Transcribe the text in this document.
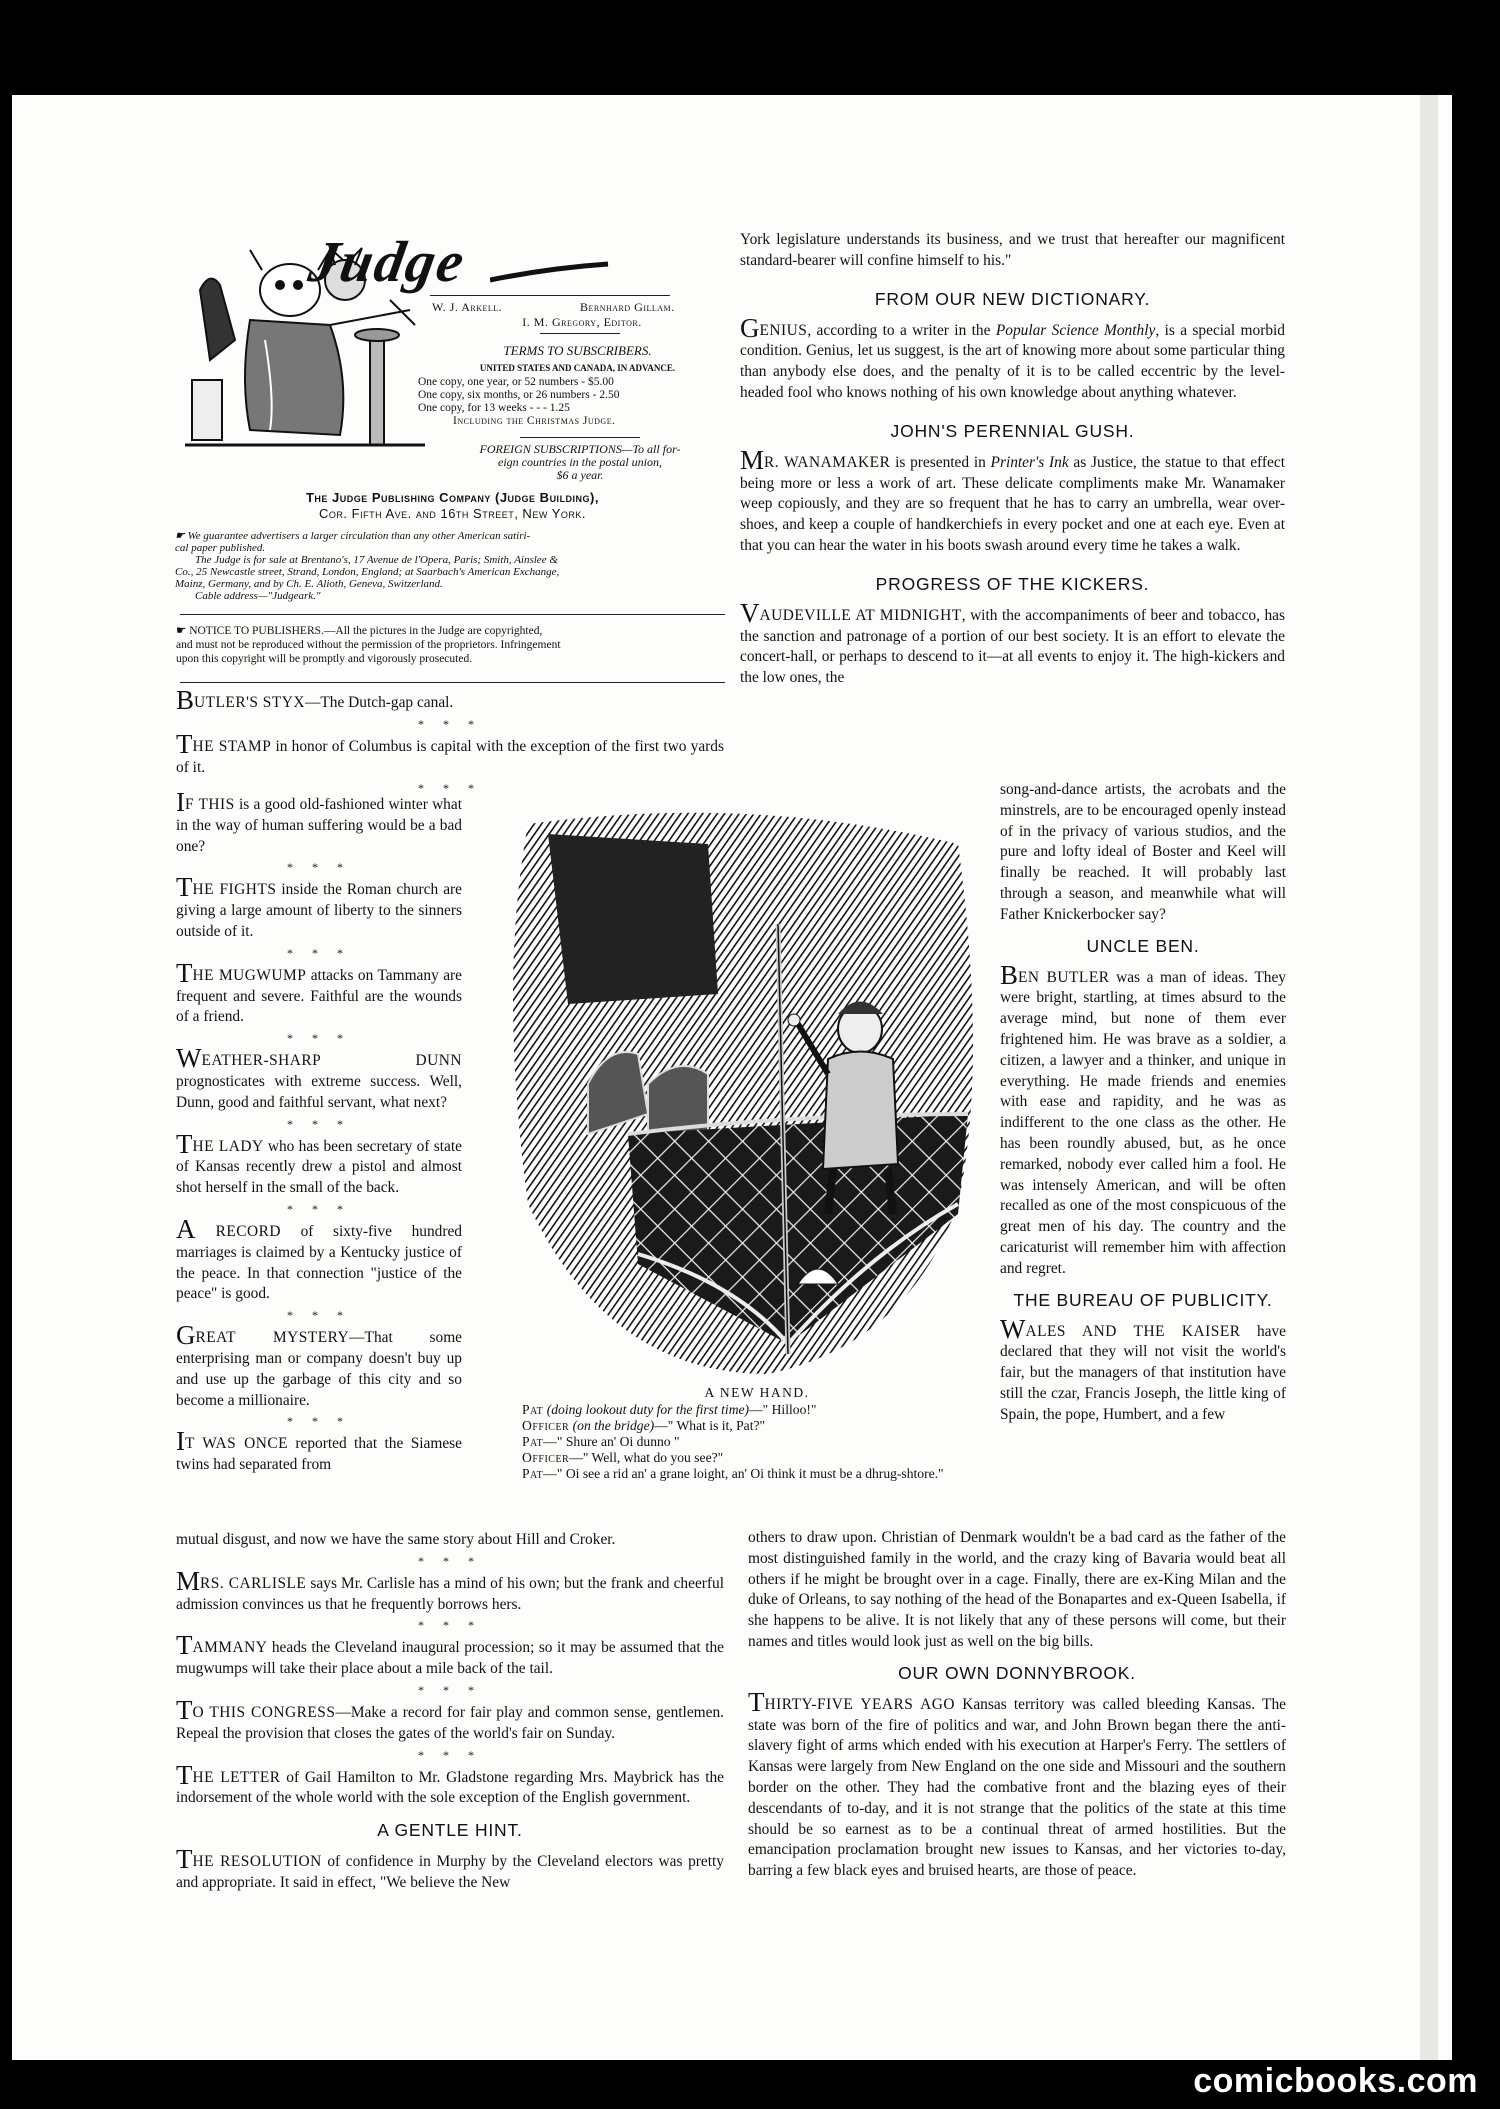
Judge
W. J. Arkell.	Bernhard Gillam.
I. M. Gregory, Editor.
TERMS TO SUBSCRIBERS.
UNITED STATES AND CANADA, IN ADVANCE.
One copy, one year, or 52 numbers - $5.00
One copy, six months, or 26 numbers - 2.50
One copy, for 13 weeks - - - 1.25
Including the Christmas Judge.
FOREIGN SUBSCRIPTIONS—To all for-
eign countries in the postal union,
$6 a year.
The Judge Publishing Company (Judge Building),
Cor. Fifth Ave. and 16th Street, New York.
☛ We guarantee advertisers a larger circulation than any other American satiri-
cal paper published.
The Judge is for sale at Brentano's, 17 Avenue de l'Opera, Paris; Smith, Ainslee &
Co., 25 Newcastle street, Strand, London, England; at Saarbach's American Exchange,
Mainz, Germany, and by Ch. E. Alioth, Geneva, Switzerland.
Cable address—"Judgeark."
☛ NOTICE TO PUBLISHERS.—All the pictures in the Judge are copyrighted,
and must not be reproduced without the permission of the proprietors. Infringement
upon this copyright will be promptly and vigorously prosecuted.

BUTLER'S STYX—The Dutch-gap canal.

* * *

THE STAMP in honor of Columbus is capital with the exception of the first two yards of it.

* * *

IF THIS is a good old-fashioned winter what in the way of human suffering would be a bad one?

* * *

THE FIGHTS inside the Roman church are giving a large amount of liberty to the sinners outside of it.

* * *

THE MUGWUMP attacks on Tammany are frequent and severe. Faithful are the wounds of a friend.

* * *

WEATHER-SHARP DUNN prognosticates with extreme success. Well, Dunn, good and faithful servant, what next?

* * *

THE LADY who has been secretary of state of Kansas recently drew a pistol and almost shot herself in the small of the back.

* * *

A RECORD of sixty-five hundred marriages is claimed by a Kentucky justice of the peace. In that connection "justice of the peace" is good.

* * *

GREAT MYSTERY—That some enterprising man or company doesn't buy up and use up the garbage of this city and so become a millionaire.

* * *

IT WAS ONCE reported that the Siamese twins had separated from

mutual disgust, and now we have the same story about Hill and Croker.

* * *

MRS. CARLISLE says Mr. Carlisle has a mind of his own; but the frank and cheerful admission convinces us that he frequently borrows hers.

* * *

TAMMANY heads the Cleveland inaugural procession; so it may be assumed that the mugwumps will take their place about a mile back of the tail.

* * *

TO THIS CONGRESS—Make a record for fair play and common sense, gentlemen. Repeal the provision that closes the gates of the world's fair on Sunday.

* * *

THE LETTER of Gail Hamilton to Mr. Gladstone regarding Mrs. Maybrick has the indorsement of the whole world with the sole exception of the English government.

A GENTLE HINT.

THE RESOLUTION of confidence in Murphy by the Cleveland electors was pretty and appropriate. It said in effect, "We believe the New

York legislature understands its business, and we trust that hereafter our magnificent standard-bearer will confine himself to his."

FROM OUR NEW DICTIONARY.

GENIUS, according to a writer in the Popular Science Monthly, is a special morbid condition. Genius, let us suggest, is the art of knowing more about some particular thing than anybody else does, and the penalty of it is to be called eccentric by the level-headed fool who knows nothing of his own knowledge about anything whatever.

JOHN'S PERENNIAL GUSH.

MR. WANAMAKER is presented in Printer's Ink as Justice, the statue to that effect being more or less a work of art. These delicate compliments make Mr. Wanamaker weep copiously, and they are so frequent that he has to carry an umbrella, wear over-shoes, and keep a couple of handkerchiefs in every pocket and one at each eye. Even at that you can hear the water in his boots swash around every time he takes a walk.

PROGRESS OF THE KICKERS.

VAUDEVILLE AT MIDNIGHT, with the accompaniments of beer and tobacco, has the sanction and patronage of a portion of our best society. It is an effort to elevate the concert-hall, or perhaps to descend to it—at all events to enjoy it. The high-kickers and the low ones, the

song-and-dance artists, the acrobats and the minstrels, are to be encouraged openly instead of in the privacy of various studios, and the pure and lofty ideal of Boster and Keel will finally be reached. It will probably last through a season, and meanwhile what will Father Knickerbocker say?

UNCLE BEN.

BEN BUTLER was a man of ideas. They were bright, startling, at times absurd to the average mind, but none of them ever frightened him. He was brave as a soldier, a citizen, a lawyer and a thinker, and unique in everything. He made friends and enemies with ease and rapidity, and he was as indifferent to the one class as the other. He has been roundly abused, but, as he once remarked, nobody ever called him a fool. He was intensely American, and will be often recalled as one of the most conspicuous of the great men of his day. The country and the caricaturist will remember him with affection and regret.

THE BUREAU OF PUBLICITY.

WALES AND THE KAISER have declared that they will not visit the world's fair, but the managers of that institution have still the czar, Francis Joseph, the little king of Spain, the pope, Humbert, and a few

others to draw upon. Christian of Denmark wouldn't be a bad card as the father of the most distinguished family in the world, and the crazy king of Bavaria would beat all others if he might be brought over in a cage. Finally, there are ex-King Milan and the duke of Orleans, to say nothing of the head of the Bonapartes and ex-Queen Isabella, if she happens to be alive. It is not likely that any of these persons will come, but their names and titles would look just as well on the big bills.

OUR OWN DONNYBROOK.

THIRTY-FIVE YEARS AGO Kansas territory was called bleeding Kansas. The state was born of the fire of politics and war, and John Brown began there the anti-slavery fight of arms which ended with his execution at Harper's Ferry. The settlers of Kansas were largely from New England on the one side and Missouri and the southern border on the other. They had the combative front and the blazing eyes of their descendants of to-day, and it is not strange that the politics of the state at this time should be so earnest as to be a continual threat of armed hostilities. But the emancipation proclamation brought new issues to Kansas, and her victories to-day, barring a few black eyes and bruised hearts, are those of peace.

A NEW HAND.
Pat (doing lookout duty for the first time)—" Hilloo!"
Officer (on the bridge)—" What is it, Pat?"
Pat—" Shure an' Oi dunno "
Officer—" Well, what do you see?"
Pat—" Oi see a rid an' a grane loight, an' Oi think it must be a dhrug-shtore."
comicbooks.com
